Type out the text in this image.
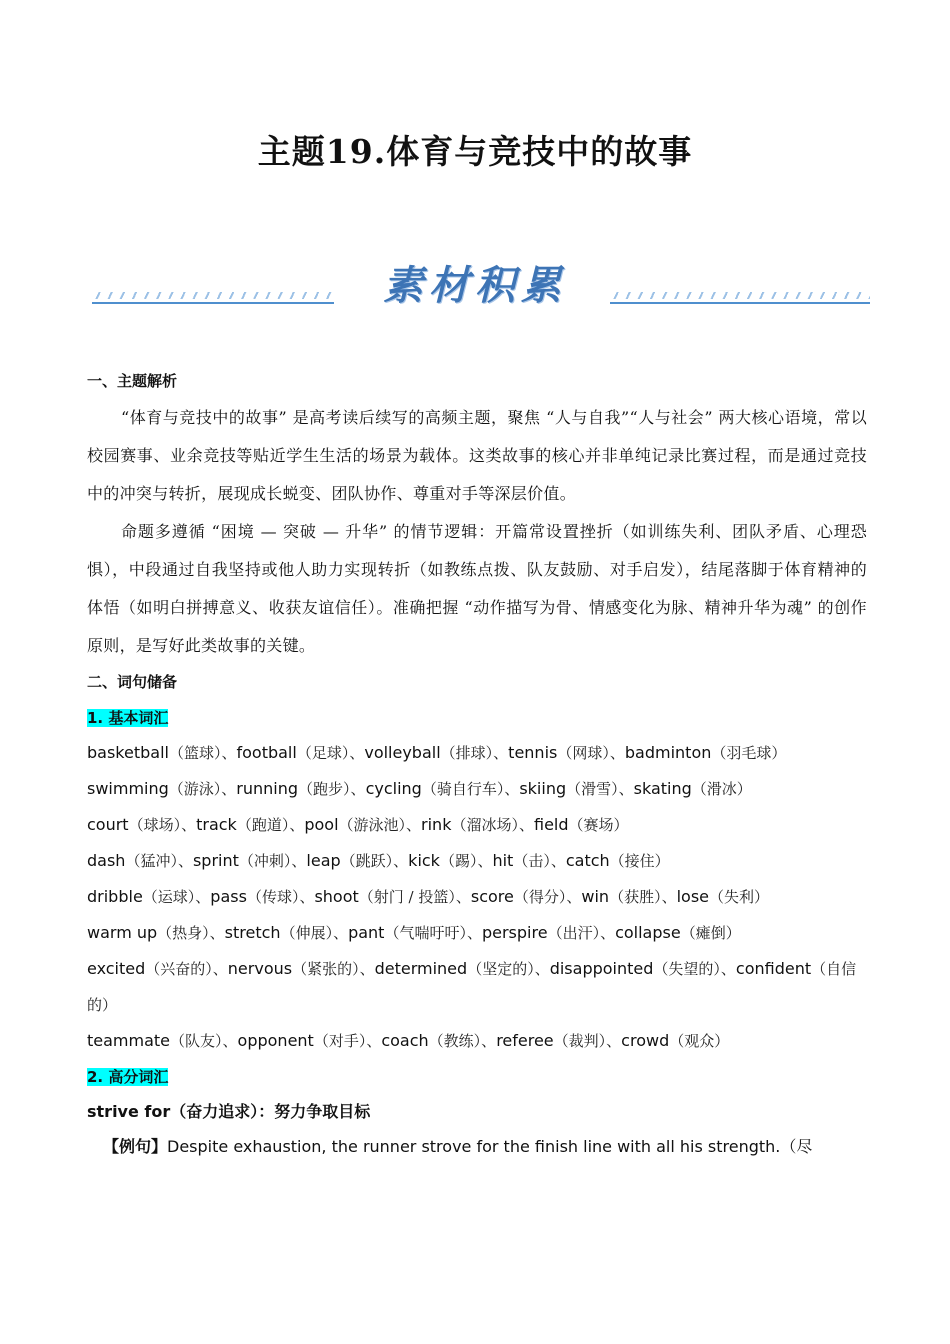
主题19.体育与竞技中的故事
素材积累
一、主题解析
“体育与竞技中的故事” 是高考读后续写的高频主题，聚焦 “人与自我”“人与社会” 两大核心语境，常以校园赛事、业余竞技等贴近学生生活的场景为载体。这类故事的核心并非单纯记录比赛过程，而是通过竞技中的冲突与转折，展现成长蜕变、团队协作、尊重对手等深层价值。
命题多遵循 “困境 — 突破 — 升华” 的情节逻辑：开篇常设置挫折（如训练失利、团队矛盾、心理恐惧），中段通过自我坚持或他人助力实现转折（如教练点拨、队友鼓励、对手启发），结尾落脚于体育精神的体悟（如明白拼搏意义、收获友谊信任）。准确把握 “动作描写为骨、情感变化为脉、精神升华为魂” 的创作原则，是写好此类故事的关键。
二、词句储备
1. 基本词汇
basketball（篮球）、football（足球）、volleyball（排球）、tennis（网球）、badminton（羽毛球）
swimming（游泳）、running（跑步）、cycling（骑自行车）、skiing（滑雪）、skating（滑冰）
court（球场）、track（跑道）、pool（游泳池）、rink（溜冰场）、field（赛场）
dash（猛冲）、sprint（冲刺）、leap（跳跃）、kick（踢）、hit（击）、catch（接住）
dribble（运球）、pass（传球）、shoot（射门 / 投篮）、score（得分）、win（获胜）、lose（失利）
warm up（热身）、stretch（伸展）、pant（气喘吁吁）、perspire（出汗）、collapse（瘫倒）
excited（兴奋的）、nervous（紧张的）、determined（坚定的）、disappointed（失望的）、confident（自信的）
teammate（队友）、opponent（对手）、coach（教练）、referee（裁判）、crowd（观众）
2. 高分词汇
strive for（奋力追求）：努力争取目标
【例句】Despite exhaustion, the runner strove for the finish line with all his strength.（尽
